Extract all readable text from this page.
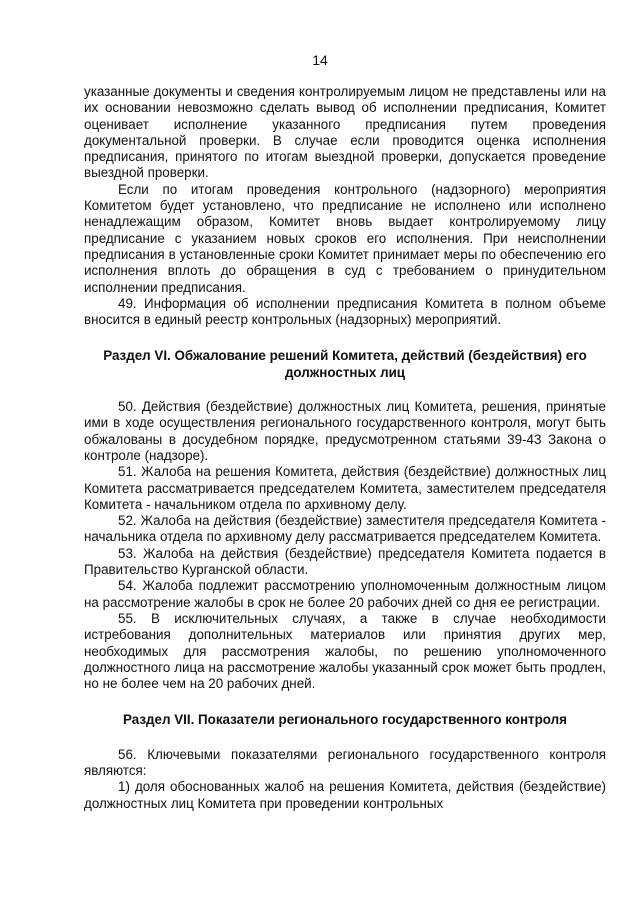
14

указанные документы и сведения контролируемым лицом не представлены или на их основании невозможно сделать вывод об исполнении предписания, Комитет оценивает исполнение указанного предписания путем проведения документальной проверки. В случае если проводится оценка исполнения предписания, принятого по итогам выездной проверки, допускается проведение выездной проверки.

Если по итогам проведения контрольного (надзорного) мероприятия Комитетом будет установлено, что предписание не исполнено или исполнено ненадлежащим образом, Комитет вновь выдает контролируемому лицу предписание с указанием новых сроков его исполнения. При неисполнении предписания в установленные сроки Комитет принимает меры по обеспечению его исполнения вплоть до обращения в суд с требованием о принудительном исполнении предписания.

49. Информация об исполнении предписания Комитета в полном объеме вносится в единый реестр контрольных (надзорных) мероприятий.

Раздел VI. Обжалование решений Комитета, действий (бездействия) его должностных лиц

50. Действия (бездействие) должностных лиц Комитета, решения, принятые ими в ходе осуществления регионального государственного контроля, могут быть обжалованы в досудебном порядке, предусмотренном статьями 39-43 Закона о контроле (надзоре).

51. Жалоба на решения Комитета, действия (бездействие) должностных лиц Комитета рассматривается председателем Комитета, заместителем председателя Комитета - начальником отдела по архивному делу.

52. Жалоба на действия (бездействие) заместителя председателя Комитета - начальника отдела по архивному делу рассматривается председателем Комитета.

53. Жалоба на действия (бездействие) председателя Комитета подается в Правительство Курганской области.

54. Жалоба подлежит рассмотрению уполномоченным должностным лицом на рассмотрение жалобы в срок не более 20 рабочих дней со дня ее регистрации.

55. В исключительных случаях, а также в случае необходимости истребования дополнительных материалов или принятия других мер, необходимых для рассмотрения жалобы, по решению уполномоченного должностного лица на рассмотрение жалобы указанный срок может быть продлен, но не более чем на 20 рабочих дней.

Раздел VII. Показатели регионального государственного контроля

56. Ключевыми показателями регионального государственного контроля являются:

1) доля обоснованных жалоб на решения Комитета, действия (бездействие) должностных лиц Комитета при проведении контрольных
